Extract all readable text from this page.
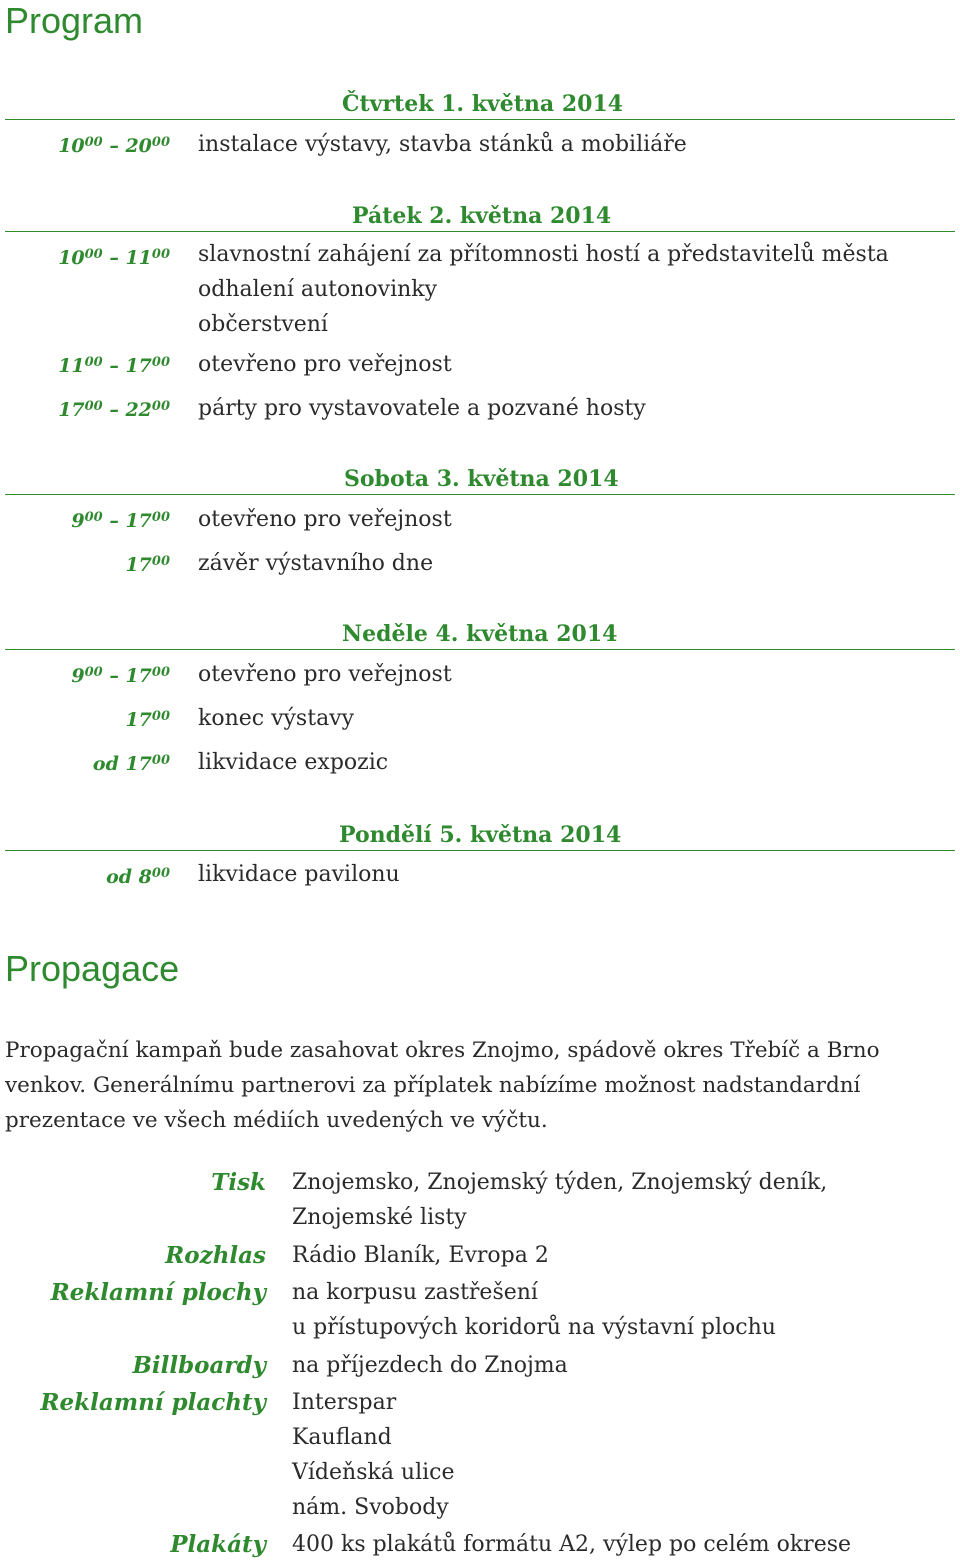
Program
Čtvrtek 1. května 2014
$10^{00} - 20^{00}$ instalace výstavy, stavba stánků a mobiliáře
Pátek 2. května 2014
$10^{00} - 11^{00}$ slavnostní zahájení za přítomnosti hostí a představitelů města
odhalení autonovinky
občerstvení
$11^{00} - 17^{00}$ otevřeno pro veřejnost
$17^{00} - 22^{00}$ párty pro vystavovatele a pozvané hosty
Sobota 3. května 2014
$9^{00} - 17^{00}$ otevřeno pro veřejnost
$17^{00}$ závěr výstavního dne
Neděle 4. května 2014
$9^{00} - 17^{00}$ otevřeno pro veřejnost
$17^{00}$ konec výstavy
od $17^{00}$ likvidace expozic
Pondělí 5. května 2014
od $8^{00}$ likvidace pavilonu
Propagace
Propagační kampaň bude zasahovat okres Znojmo, spádově okres Třebíč a Brno venkov. Generálnímu partnerovi za příplatek nabízíme možnost nadstandardní prezentace ve všech médiích uvedených ve výčtu.
Tisk Znojemsko, Znojemský týden, Znojemský deník,
Znojemské listy
Rozhlas Rádio Blaník, Evropa 2
Reklamní plochy na korpusu zastřešení
u přístupových koridorů na výstavní plochu
Billboardy na příjezdech do Znojma
Reklamní plachty Interspar
Kaufland
Vídeňská ulice
nám. Svobody
Plakáty 400 ks plakátů formátu A2, výlep po celém okrese
